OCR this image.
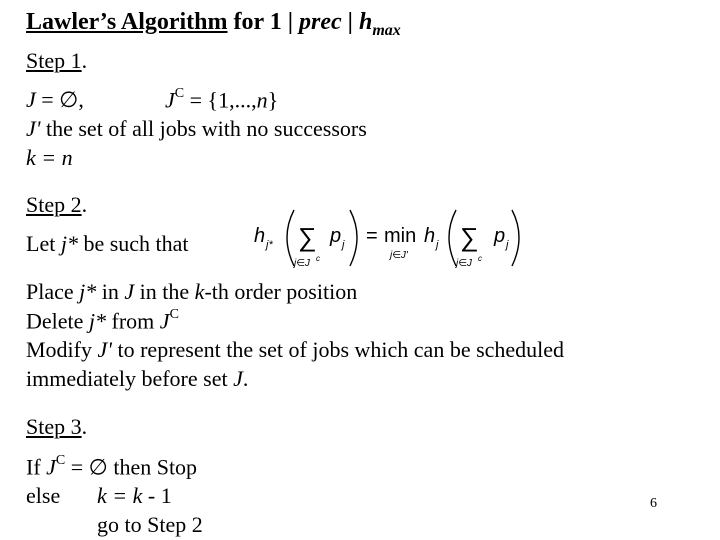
Lawler’s Algorithm for 1 | prec | $h_{max}$
Step 1.
J = ∅,	$J^C = \{1,...,n\}$
J' the set of all jobs with no successors
k = n
Step 2.
Let j* be such that	h j* ∑
j∈J c
p j = min
j∈J'
h j ∑
j∈J c
p j
Place j* in J in the k-th order position
Delete j* from $J^C$
Modify J' to represent the set of jobs which can be scheduled
immediately before set J.
Step 3.
If $J^C$ = ∅ then Stop
else k = k - 1
go to Step 2
6
